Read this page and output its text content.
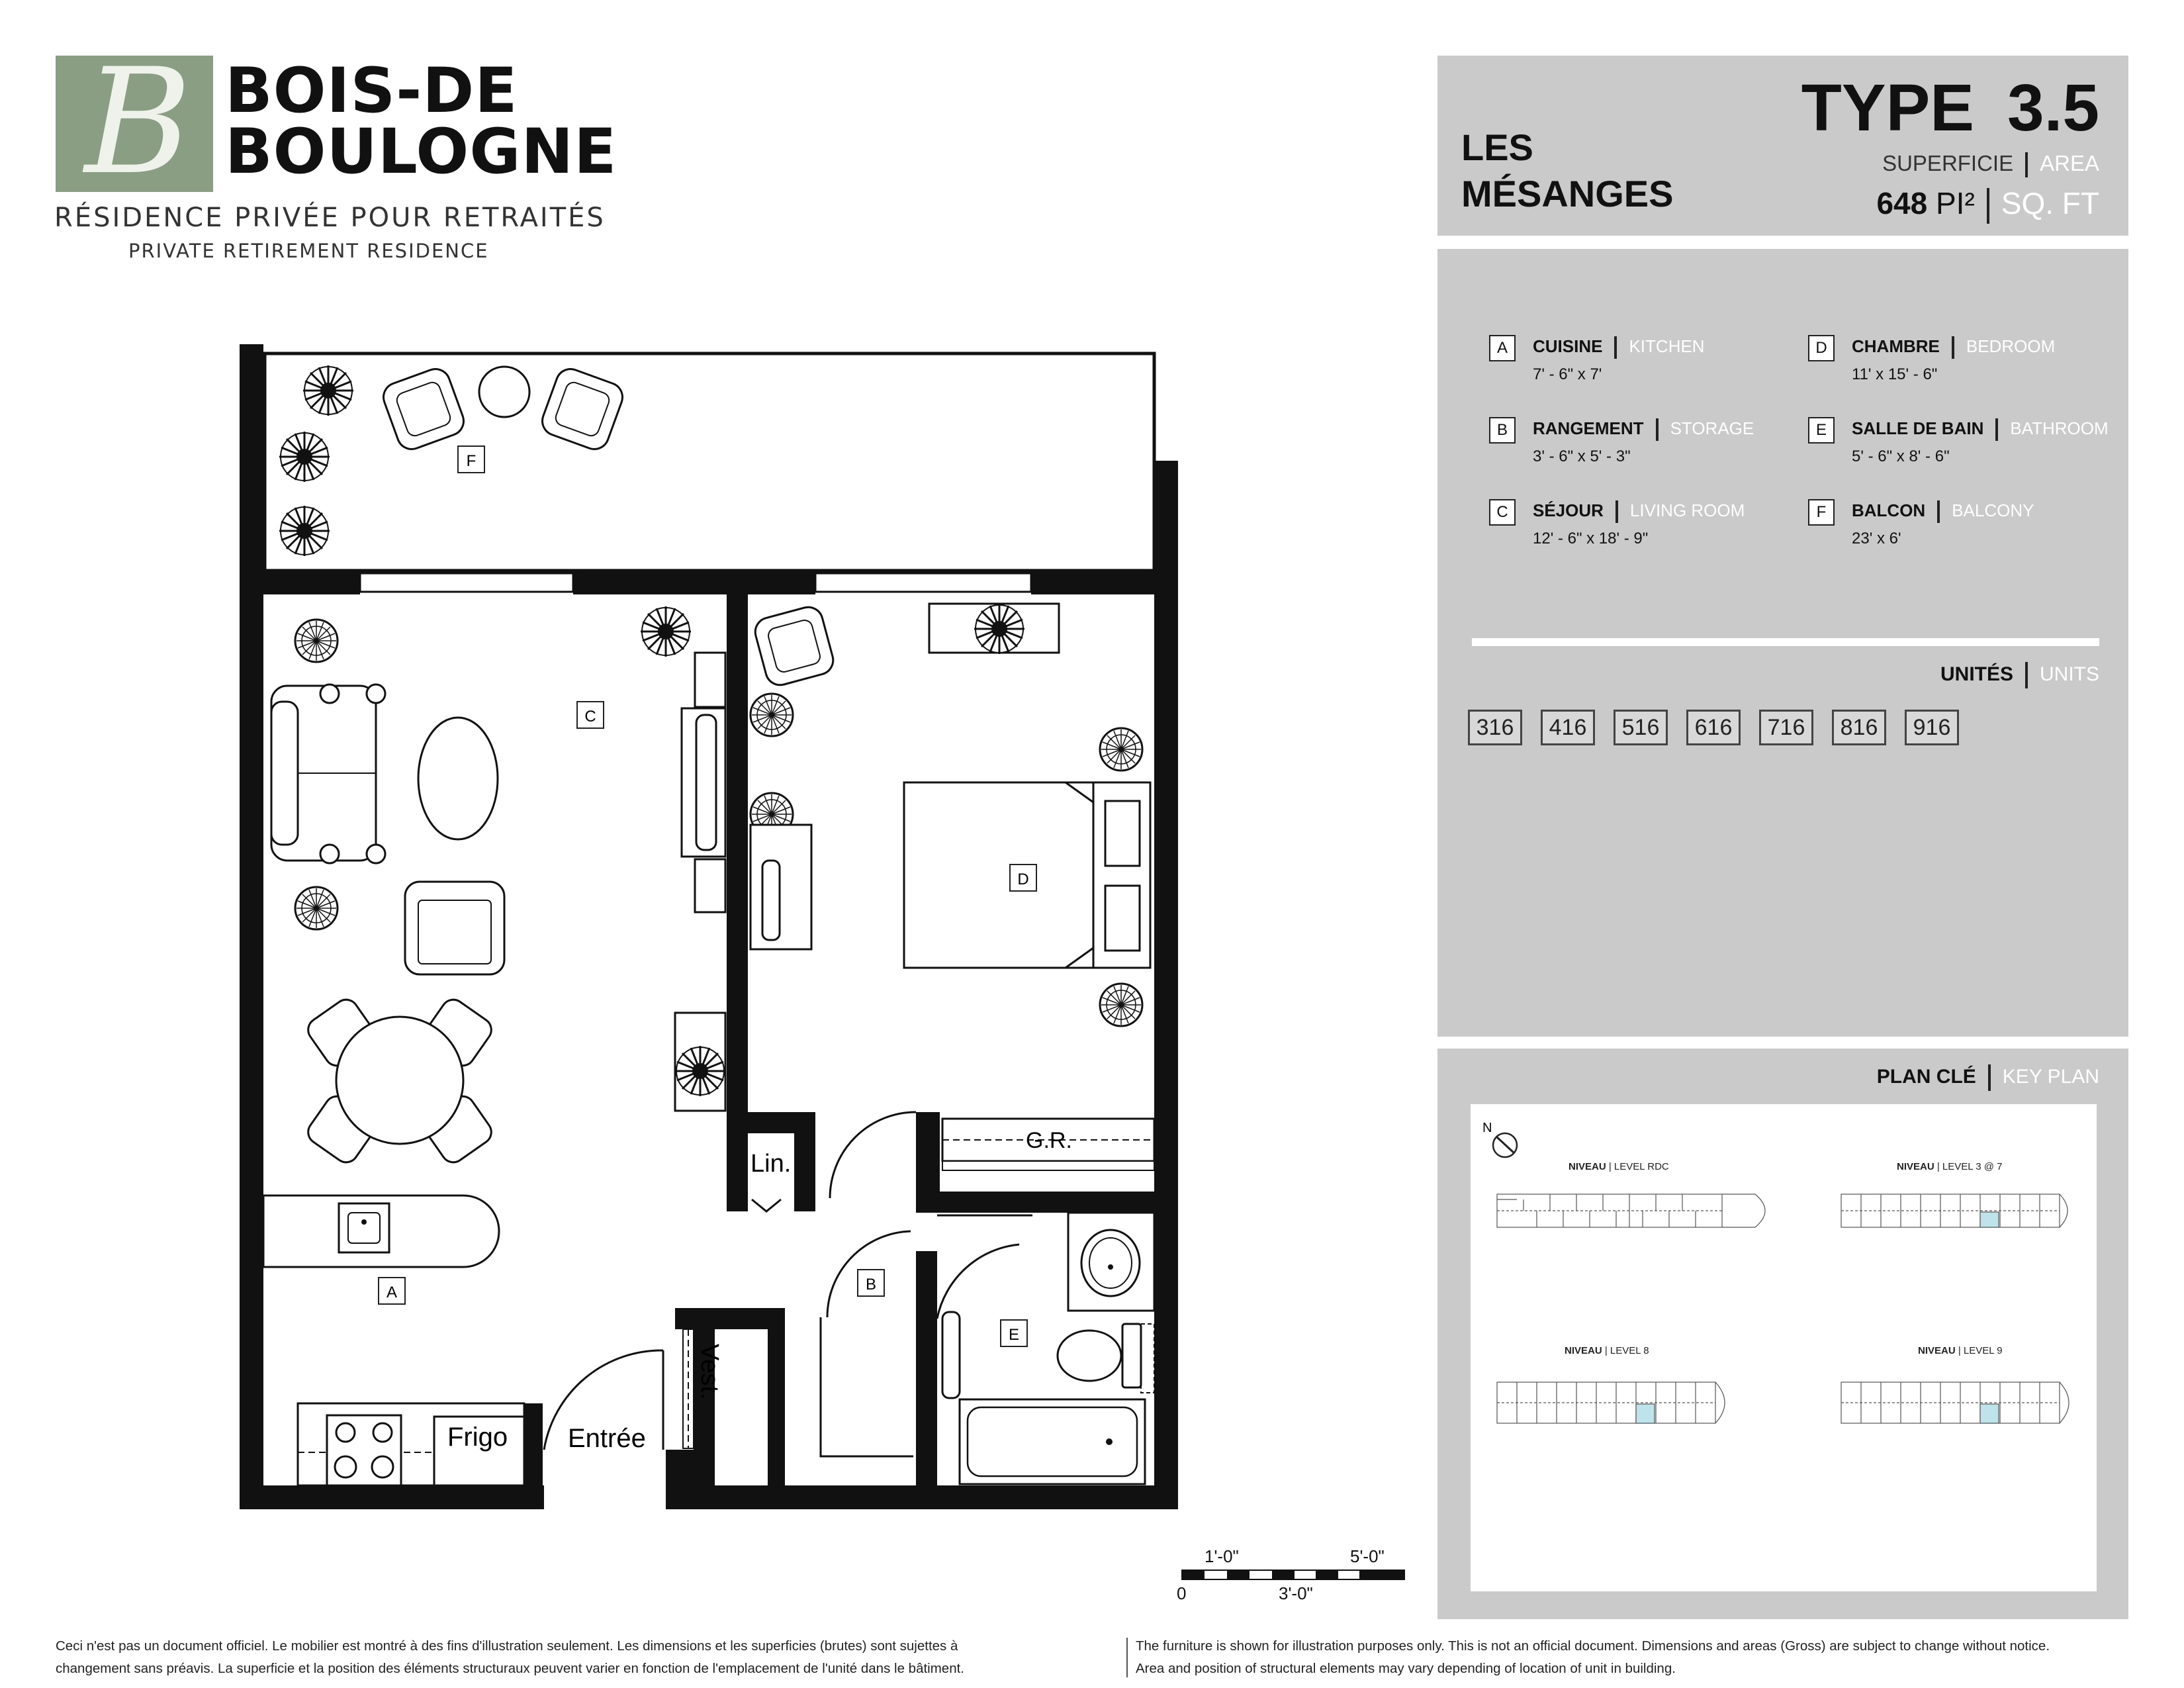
B BOIS-DE
BOULOGNE
RÉSIDENCE PRIVÉE POUR RETRAITÉS
PRIVATE RETIREMENT RESIDENCE
LES
MÉSANGES
TYPE 3.5
SUPERFICIE AREA
648 PI² SQ. FT
A	CUISINE KITCHEN
7' - 6" x 7'
B	RANGEMENT STORAGE
3' - 6" x 5' - 3"
C	SÉJOUR LIVING ROOM
12' - 6" x 18' - 9"
D	CHAMBRE BEDROOM
11' x 15' - 6"
E	SALLE DE BAIN BATHROOM
5' - 6" x 8' - 6"
F	BALCON BALCONY
23' x 6'
UNITÉS UNITS
316	416	516	616	716	816	916
PLAN CLÉ KEY PLAN
N
NIVEAU | LEVEL RDC	NIVEAU | LEVEL 3 @ 7
NIVEAU | LEVEL 8	NIVEAU | LEVEL 9
Frigo Entrée
Vest.
Lin.
G.R.
F
C
D
A	B
E
1'-0"	5'-0"
0	3'-0"
Ceci n'est pas un document officiel. Le mobilier est montré à des fins d'illustration seulement. Les dimensions et les superficies (brutes) sont sujettes à
changement sans préavis. La superficie et la position des éléments structuraux peuvent varier en fonction de l'emplacement de l'unité dans le bâtiment.
The furniture is shown for illustration purposes only. This is not an official document. Dimensions and areas (Gross) are subject to change without notice.
Area and position of structural elements may vary depending of location of unit in building.
